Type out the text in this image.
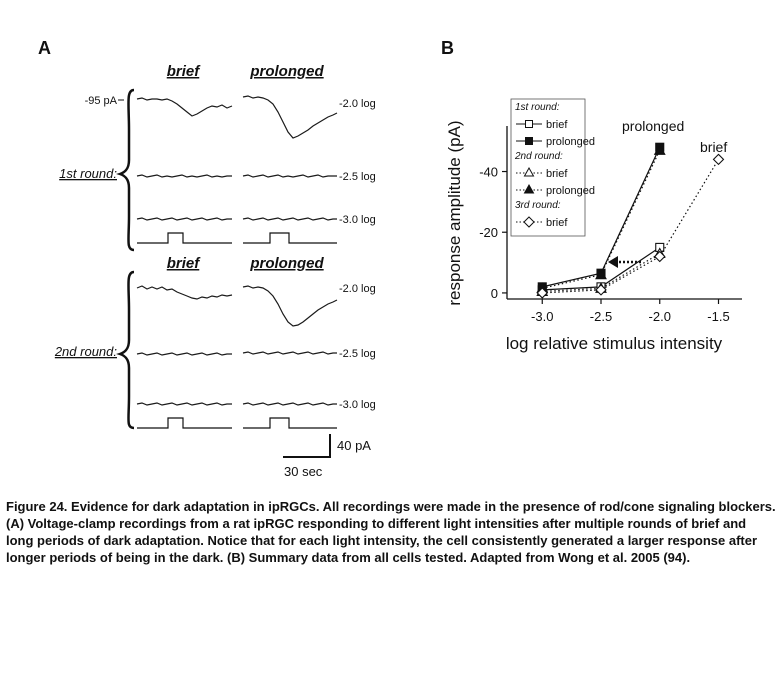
A
brief	prolonged
brief	prolonged
-95 pA
1st round:
2nd round:
-2.0 log
-2.5 log
-3.0 log
-2.0 log
-2.5 log
-3.0 log
40 pA
30 sec
B
-40
-20
0
-3.0	-2.5	-2.0	-1.5
response amplitude (pA)
log relative stimulus intensity
1st round:
brief
prolonged
2nd round:
brief
prolonged
3rd round:
brief
prolonged
brief

Figure 24. Evidence for dark adaptation in ipRGCs. All recordings were made in the presence of rod/cone signaling blockers. (A) Voltage-clamp recordings from a rat ipRGC responding to different light intensities after multiple rounds of brief and long periods of dark adaptation. Notice that for each light intensity, the cell consistently generated a larger response after longer periods of being in the dark. (B) Summary data from all cells tested. Adapted from Wong et al. 2005 (94).
